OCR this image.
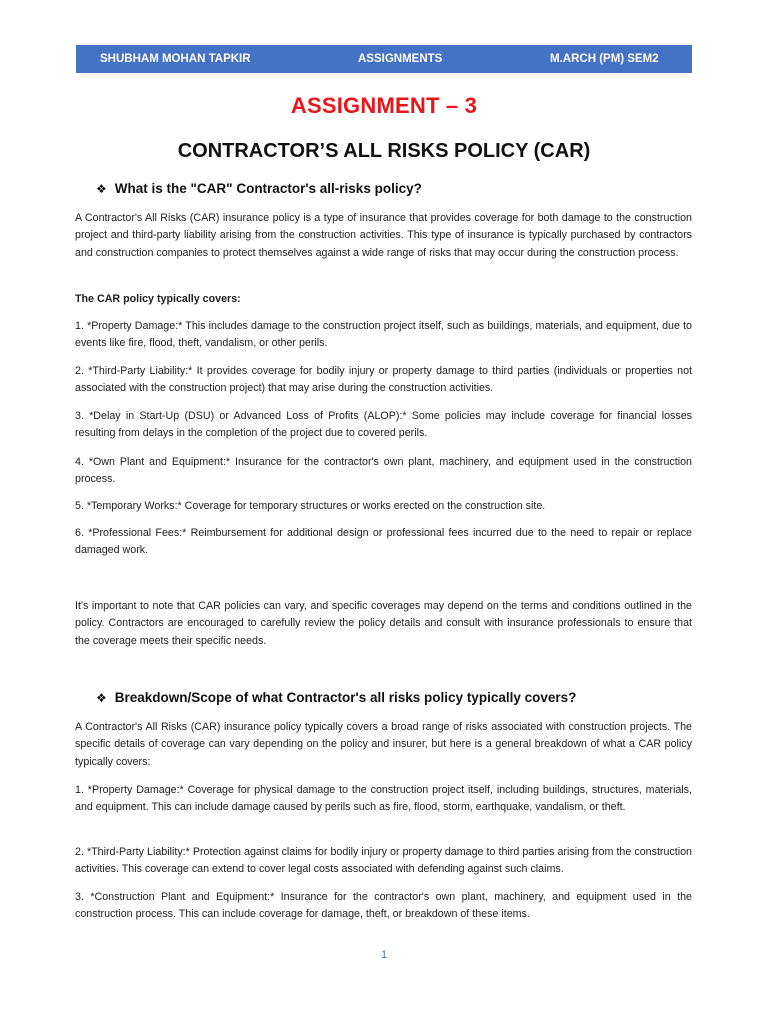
SHUBHAM MOHAN TAPKIR	ASSIGNMENTS	M.ARCH (PM) SEM2
ASSIGNMENT – 3
CONTRACTOR’S ALL RISKS POLICY (CAR)
❖ What is the "CAR" Contractor's all-risks policy?
A Contractor's All Risks (CAR) insurance policy is a type of insurance that provides coverage for both damage to the construction project and third-party liability arising from the construction activities. This type of insurance is typically purchased by contractors and construction companies to protect themselves against a wide range of risks that may occur during the construction process.
The CAR policy typically covers:
1. *Property Damage:* This includes damage to the construction project itself, such as buildings, materials, and equipment, due to events like fire, flood, theft, vandalism, or other perils.
2. *Third-Party Liability:* It provides coverage for bodily injury or property damage to third parties (individuals or properties not associated with the construction project) that may arise during the construction activities.
3. *Delay in Start-Up (DSU) or Advanced Loss of Profits (ALOP):* Some policies may include coverage for financial losses resulting from delays in the completion of the project due to covered perils.
4. *Own Plant and Equipment:* Insurance for the contractor's own plant, machinery, and equipment used in the construction process.
5. *Temporary Works:* Coverage for temporary structures or works erected on the construction site.
6. *Professional Fees:* Reimbursement for additional design or professional fees incurred due to the need to repair or replace damaged work.
It's important to note that CAR policies can vary, and specific coverages may depend on the terms and conditions outlined in the policy. Contractors are encouraged to carefully review the policy details and consult with insurance professionals to ensure that the coverage meets their specific needs.
❖ Breakdown/Scope of what Contractor's all risks policy typically covers?
A Contractor's All Risks (CAR) insurance policy typically covers a broad range of risks associated with construction projects. The specific details of coverage can vary depending on the policy and insurer, but here is a general breakdown of what a CAR policy typically covers:
1. *Property Damage:* Coverage for physical damage to the construction project itself, including buildings, structures, materials, and equipment. This can include damage caused by perils such as fire, flood, storm, earthquake, vandalism, or theft.
2. *Third-Party Liability:* Protection against claims for bodily injury or property damage to third parties arising from the construction activities. This coverage can extend to cover legal costs associated with defending against such claims.
3. *Construction Plant and Equipment:* Insurance for the contractor's own plant, machinery, and equipment used in the construction process. This can include coverage for damage, theft, or breakdown of these items.
1
